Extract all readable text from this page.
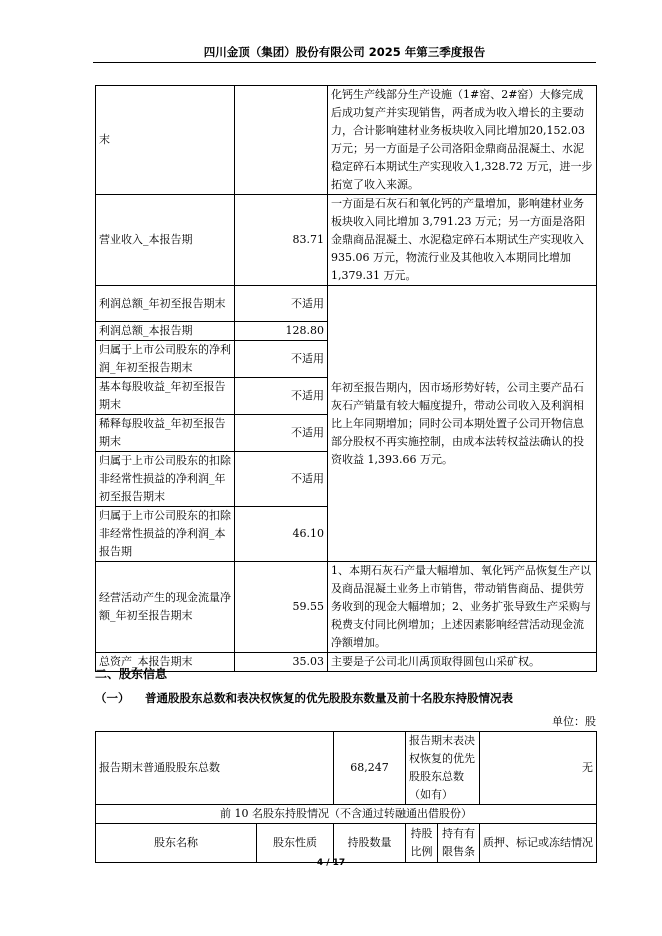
四川金顶（集团）股份有限公司 2025 年第三季度报告
末		化钙生产线部分生产设施（1#窑、2#窑）大修完成后成功复产并实现销售，两者成为收入增长的主要动力，合计影响建材业务板块收入同比增加20,152.03 万元；另一方面是子公司洛阳金鼎商品混凝土、水泥稳定碎石本期试生产实现收入1,328.72 万元，进一步拓宽了收入来源。
营业收入_本报告期	83.71	一方面是石灰石和氧化钙的产量增加，影响建材业务板块收入同比增加 3,791.23 万元；另一方面是洛阳金鼎商品混凝土、水泥稳定碎石本期试生产实现收入 935.06 万元，物流行业及其他收入本期同比增加 1,379.31 万元。
利润总额_年初至报告期末	不适用	年初至报告期内，因市场形势好转，公司主要产品石灰石产销量有较大幅度提升，带动公司收入及利润相比上年同期增加；同时公司本期处置子公司开物信息部分股权不再实施控制，由成本法转权益法确认的投资收益 1,393.66 万元。
利润总额_本报告期	128.80	
归属于上市公司股东的净利润_年初至报告期末	不适用	
基本每股收益_年初至报告期末	不适用	
稀释每股收益_年初至报告期末	不适用	
归属于上市公司股东的扣除非经常性损益的净利润_年初至报告期末	不适用	
归属于上市公司股东的扣除非经常性损益的净利润_本报告期	46.10	
经营活动产生的现金流量净额_年初至报告期末	59.55	1、本期石灰石产量大幅增加、氧化钙产品恢复生产以及商品混凝土业务上市销售，带动销售商品、提供劳务收到的现金大幅增加；2、业务扩张导致生产采购与税费支付同比例增加；上述因素影响经营活动现金流净额增加。
总资产_本报告期末	35.03	主要是子公司北川禹顶取得圆包山采矿权。
二、股东信息
（一） 普通股股东总数和表决权恢复的优先股股东数量及前十名股东持股情况表
单位：股
报告期末普通股股东总数		68,247	报告期末表决权恢复的优先股股东总数（如有）		无
前 10 名股东持股情况（不含通过转融通出借股份）					
股东名称	股东性质	持股数量	持股比例	持有有限售条	质押、标记或冻结情况
4 / 17
